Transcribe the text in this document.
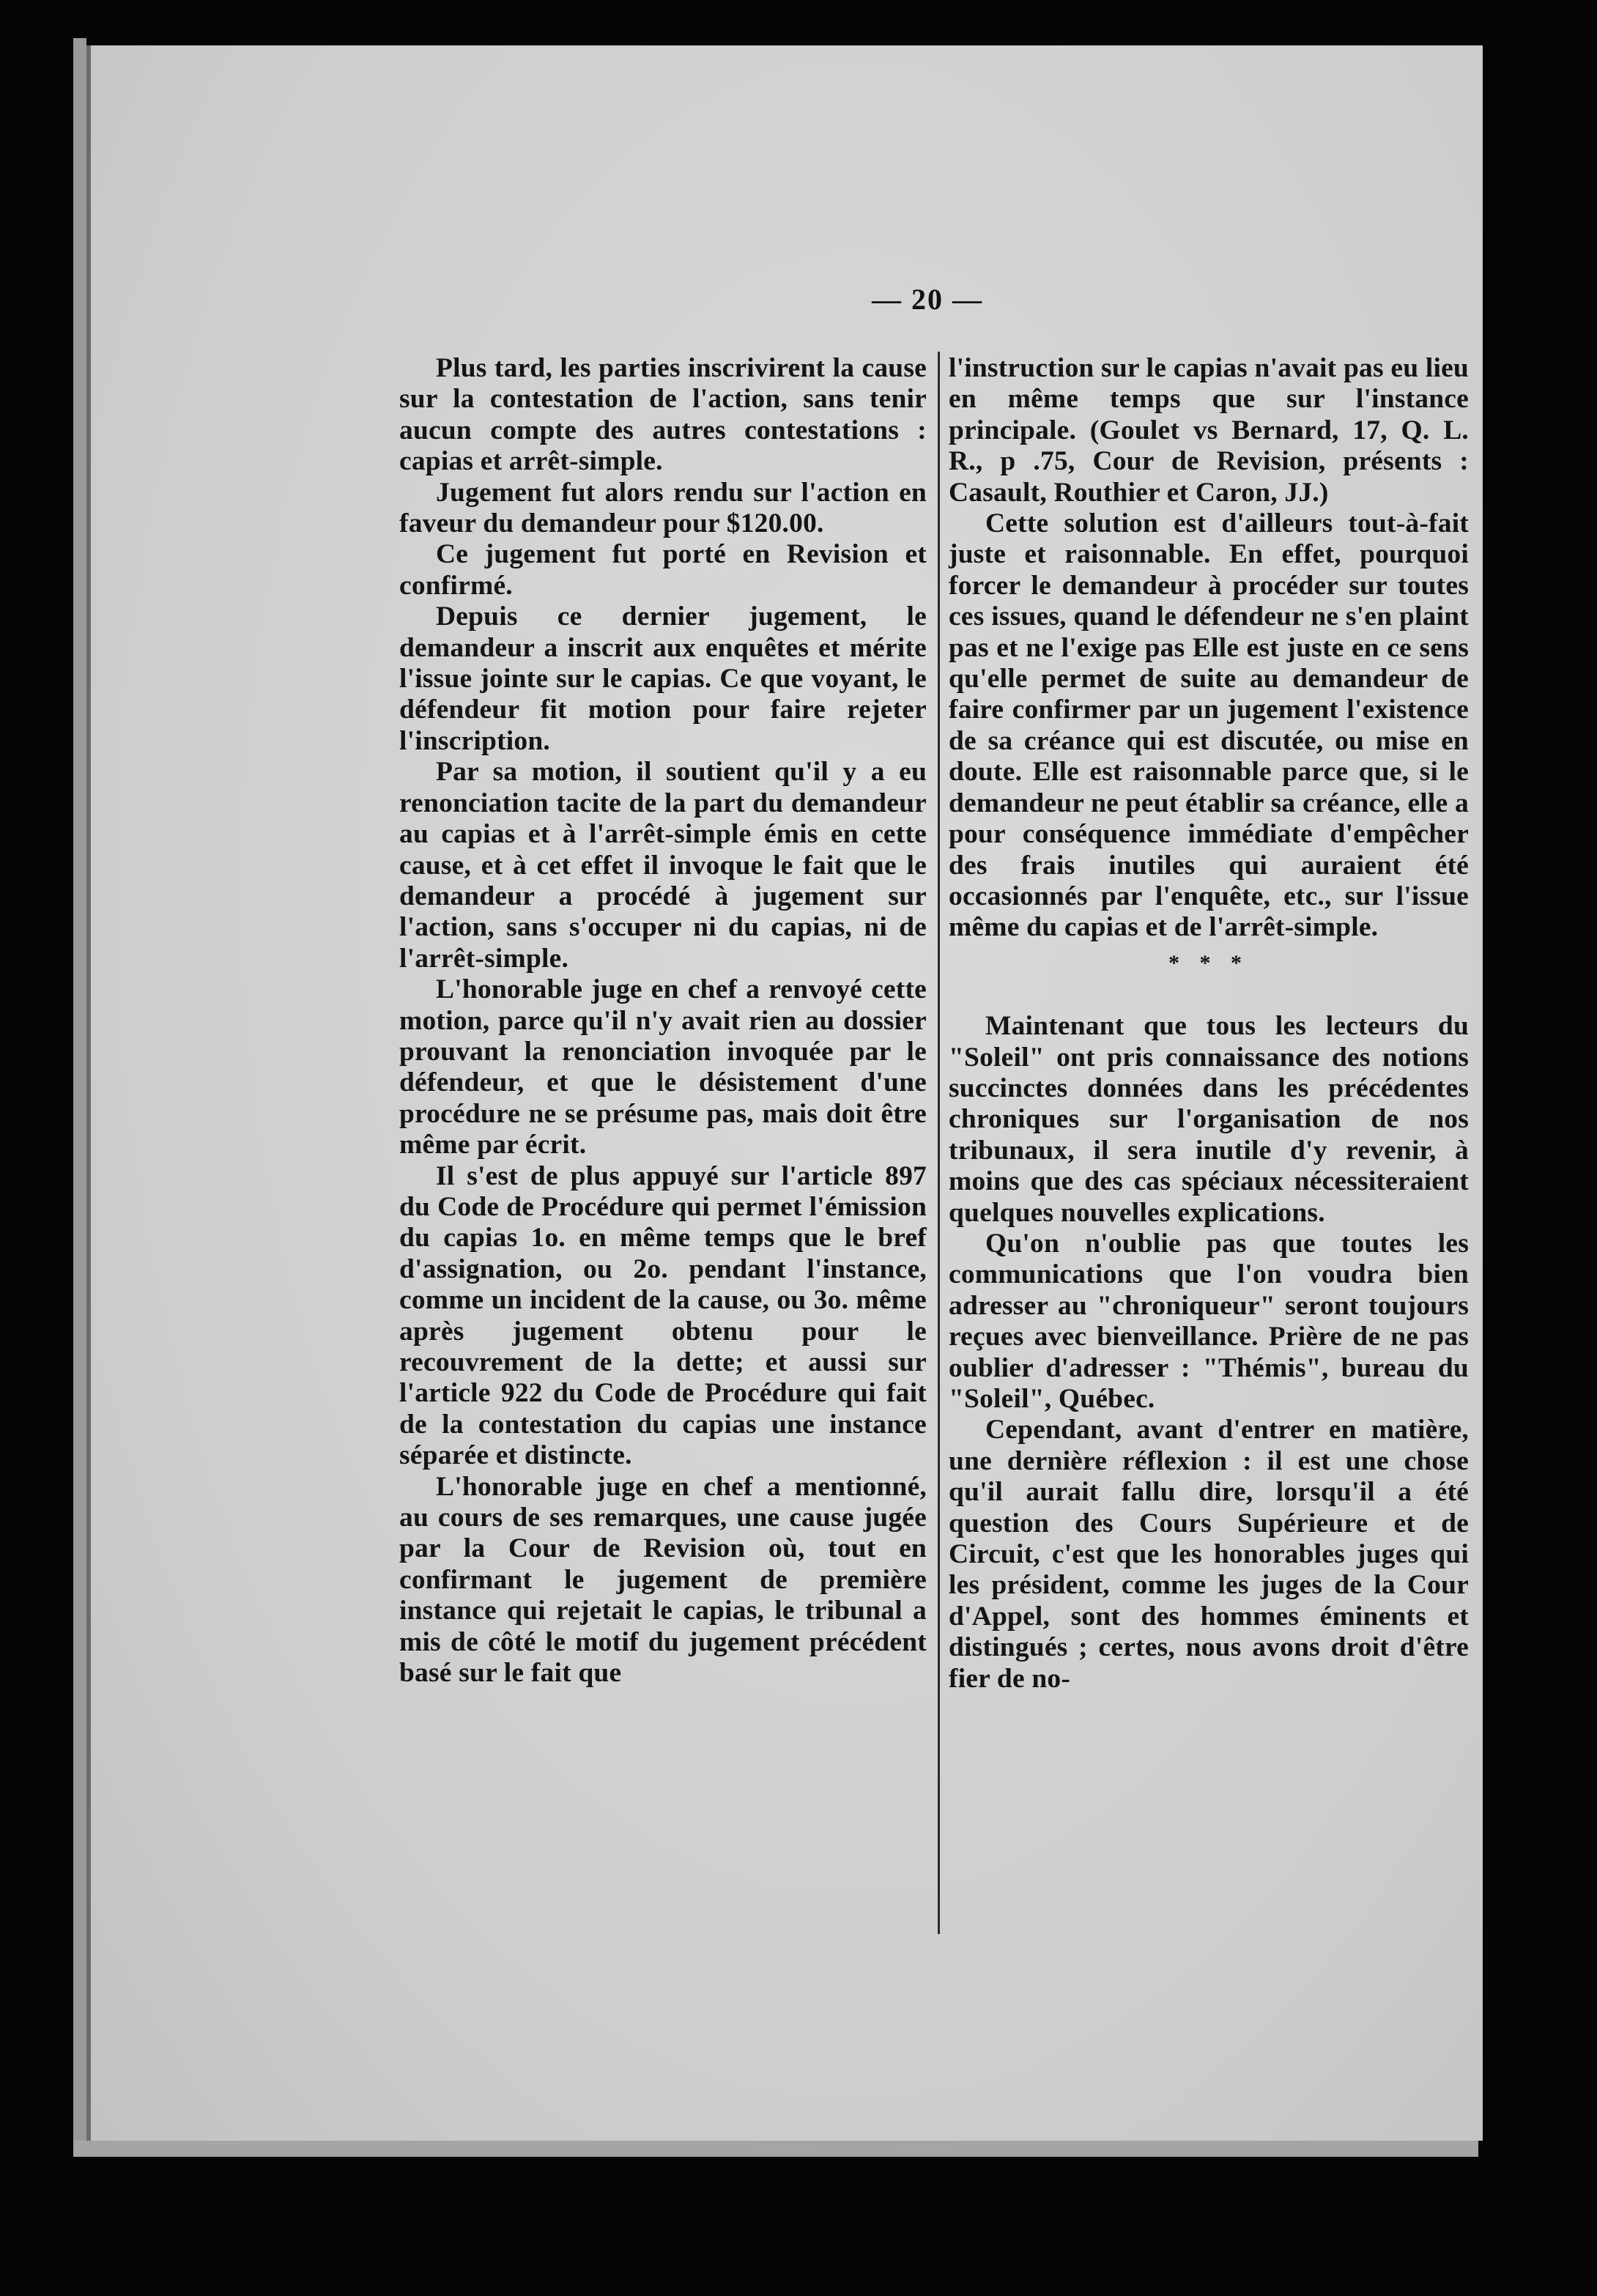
— 20 —

Plus tard, les parties inscrivirent la cause sur la contestation de l'action, sans tenir aucun compte des autres contestations : capias et arrêt-simple.

Jugement fut alors rendu sur l'action en faveur du demandeur pour $120.00.

Ce jugement fut porté en Revision et confirmé.

Depuis ce dernier jugement, le demandeur a inscrit aux enquêtes et mérite l'issue jointe sur le capias. Ce que voyant, le défendeur fit motion pour faire rejeter l'inscription.

Par sa motion, il soutient qu'il y a eu renonciation tacite de la part du demandeur au capias et à l'arrêt-simple émis en cette cause, et à cet effet il invoque le fait que le demandeur a procédé à jugement sur l'action, sans s'occuper ni du capias, ni de l'arrêt-simple.

L'honorable juge en chef a renvoyé cette motion, parce qu'il n'y avait rien au dossier prouvant la renonciation invoquée par le défendeur, et que le désistement d'une procédure ne se présume pas, mais doit être même par écrit.

Il s'est de plus appuyé sur l'article 897 du Code de Procédure qui permet l'émission du capias 1o. en même temps que le bref d'assignation, ou 2o. pendant l'instance, comme un incident de la cause, ou 3o. même après jugement obtenu pour le recouvrement de la dette; et aussi sur l'article 922 du Code de Procédure qui fait de la contestation du capias une instance séparée et distincte.

L'honorable juge en chef a mentionné, au cours de ses remarques, une cause jugée par la Cour de Revision où, tout en confirmant le jugement de première instance qui rejetait le capias, le tribunal a mis de côté le motif du jugement précédent basé sur le fait que

l'instruction sur le capias n'avait pas eu lieu en même temps que sur l'instance principale. (Goulet vs Bernard, 17, Q. L. R., p .75, Cour de Revision, présents : Casault, Routhier et Caron, JJ.)

Cette solution est d'ailleurs tout-à-fait juste et raisonnable. En effet, pourquoi forcer le demandeur à procéder sur toutes ces issues, quand le défendeur ne s'en plaint pas et ne l'exige pas Elle est juste en ce sens qu'elle permet de suite au demandeur de faire confirmer par un jugement l'existence de sa créance qui est discutée, ou mise en doute. Elle est raisonnable parce que, si le demandeur ne peut établir sa créance, elle a pour conséquence immédiate d'empêcher des frais inutiles qui auraient été occasionnés par l'enquête, etc., sur l'issue même du capias et de l'arrêt-simple.

* * *

Maintenant que tous les lecteurs du "Soleil" ont pris connaissance des notions succinctes données dans les précédentes chroniques sur l'organisation de nos tribunaux, il sera inutile d'y revenir, à moins que des cas spéciaux nécessiteraient quelques nouvelles explications.

Qu'on n'oublie pas que toutes les communications que l'on voudra bien adresser au "chroniqueur" seront toujours reçues avec bienveillance. Prière de ne pas oublier d'adresser : "Thémis", bureau du "Soleil", Québec.

Cependant, avant d'entrer en matière, une dernière réflexion : il est une chose qu'il aurait fallu dire, lorsqu'il a été question des Cours Supérieure et de Circuit, c'est que les honorables juges qui les président, comme les juges de la Cour d'Appel, sont des hommes éminents et distingués ; certes, nous avons droit d'être fier de no-
